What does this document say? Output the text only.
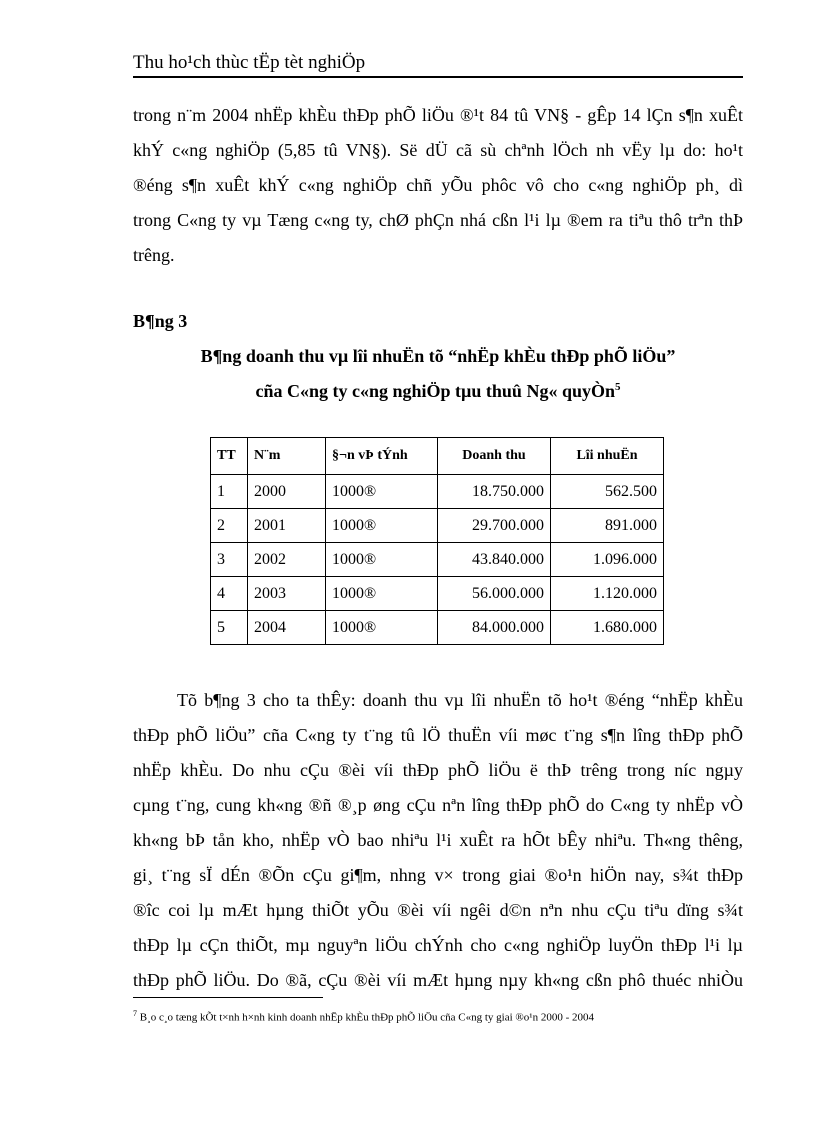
Thu ho¹ch thùc tËp tèt nghiÖp
trong n¨m 2004 nhËp khÈu thÐp phÕ liÖu ®¹t 84 tû VN§ - gÊp 14 lÇn s¶n xuÊt
khÝ c«ng nghiÖp (5,85 tû VN§). Së dÜ cã sù chªnh lÖch nh vËy lµ do: ho¹t
®éng s¶n xuÊt khÝ c«ng nghiÖp chñ yÕu phôc vô cho c«ng nghiÖp ph¸ dì
trong C«ng ty vµ Tæng c«ng ty, chØ phÇn nhá cßn l¹i lµ ®em ra tiªu thô trªn thÞ
trêng.
B¶ng 3
B¶ng doanh thu vµ lîi nhuËn tõ “nhËp khÈu thÐp phÕ liÖu”
cña C«ng ty c«ng nghiÖp tµu thuû Ng« quyÒn$^5$
TT	N¨m	§¬n vÞ tÝnh	Doanh thu	Lîi nhuËn
1	2000	1000®	18.750.000	562.500
2	2001	1000®	29.700.000	891.000
3	2002	1000®	43.840.000	1.096.000
4	2003	1000®	56.000.000	1.120.000
5	2004	1000®	84.000.000	1.680.000
Tõ b¶ng 3 cho ta thÊy: doanh thu vµ lîi nhuËn tõ ho¹t ®éng “nhËp khÈu
thÐp phÕ liÖu” cña C«ng ty t¨ng tû lÖ thuËn víi møc t¨ng s¶n lîng thÐp phÕ
nhËp khÈu. Do nhu cÇu ®èi víi thÐp phÕ liÖu ë thÞ trêng trong níc ngµy
cµng t¨ng, cung kh«ng ®ñ ®¸p øng cÇu nªn lîng thÐp phÕ do C«ng ty nhËp vÒ
kh«ng bÞ tån kho, nhËp vÒ bao nhiªu l¹i xuÊt ra hÕt bÊy nhiªu. Th«ng thêng,
gi¸ t¨ng sÏ dÉn ®Õn cÇu gi¶m, nhng v× trong giai ®o¹n hiÖn nay, s¾t thÐp
®îc coi lµ mÆt hµng thiÕt yÕu ®èi víi ngêi d©n nªn nhu cÇu tiªu dïng s¾t
thÐp lµ cÇn thiÕt, mµ nguyªn liÖu chÝnh cho c«ng nghiÖp luyÖn thÐp l¹i lµ
thÐp phÕ liÖu. Do ®ã, cÇu ®èi víi mÆt hµng nµy kh«ng cßn phô thuéc nhiÒu
$^7$ B¸o c¸o tæng kÕt t×nh h×nh kinh doanh nhËp khÈu thÐp phÕ liÖu cña C«ng ty giai ®o¹n 2000 - 2004
